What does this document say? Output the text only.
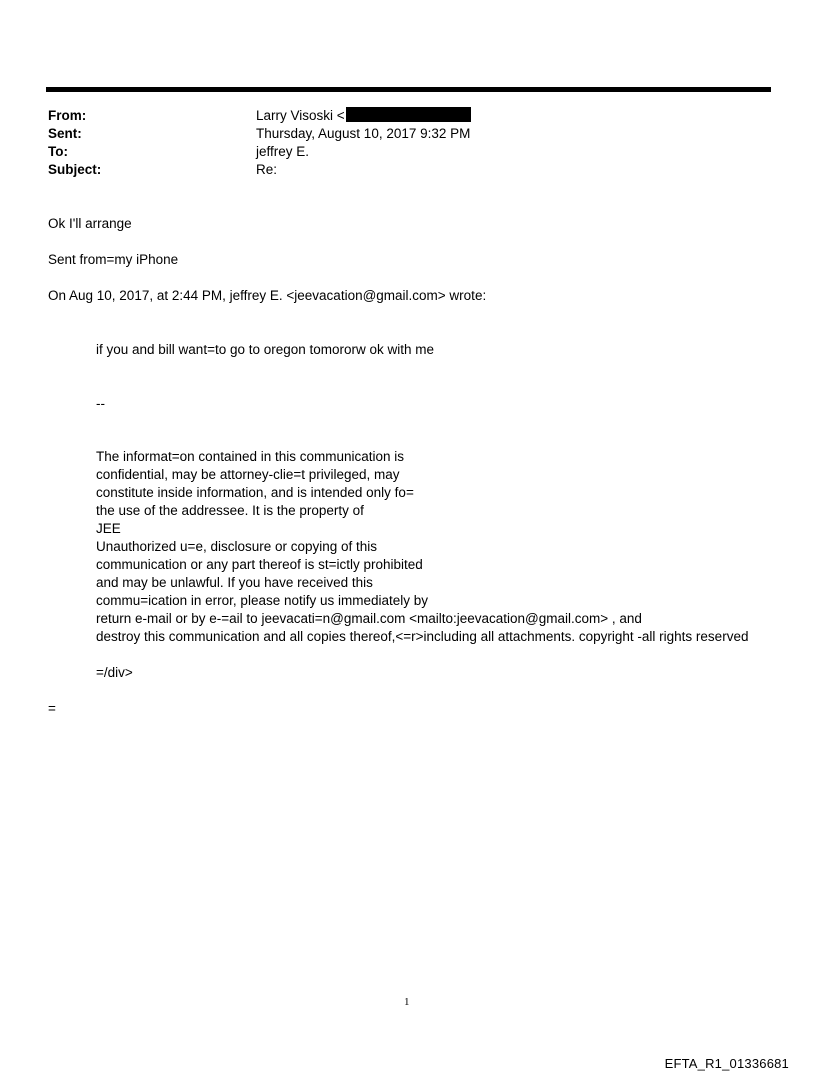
From:	Larry Visoski <
Sent:	Thursday, August 10, 2017 9:32 PM
To:	jeffrey E.
Subject:	Re:
Ok I'll arrange
Sent from=my iPhone
On Aug 10, 2017, at 2:44 PM, jeffrey E. <jeevacation@gmail.com> wrote:
if you and bill want=to go to oregon tomororw ok with me
--
The informat=on contained in this communication is
confidential, may be attorney-clie=t privileged, may
constitute inside information, and is intended only fo=
the use of the addressee. It is the property of
JEE
Unauthorized u=e, disclosure or copying of this
communication or any part thereof is st=ictly prohibited
and may be unlawful. If you have received this
commu=ication in error, please notify us immediately by
return e-mail or by e-=ail to jeevacati=n@gmail.com <mailto:jeevacation@gmail.com> , and
destroy this communication and all copies thereof,<=r>including all attachments. copyright -all rights reserved
=/div>
=
1
EFTA_R1_01336681
